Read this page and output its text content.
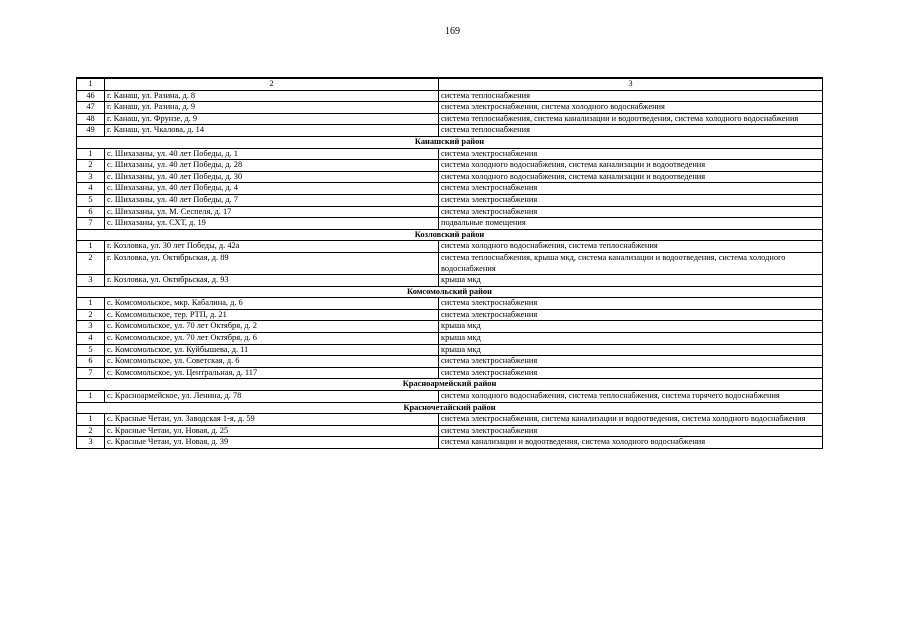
169
1	2	3
46	г. Канаш, ул. Разина, д. 8	система теплоснабжения
47	г. Канаш, ул. Разина, д. 9	система электроснабжения, система холодного водоснабжения
48	г. Канаш, ул. Фрунзе, д. 9	система теплоснабжения, система канализации и водоотведения, система холодного водоснабжения
49	г. Канаш, ул. Чкалова, д. 14	система теплоснабжения
Канашский район		
1	с. Шихазаны, ул. 40 лет Победы, д. 1	система электроснабжения
2	с. Шихазаны, ул. 40 лет Победы, д. 28	система холодного водоснабжения, система канализации и водоотведения
3	с. Шихазаны, ул. 40 лет Победы, д. 30	система холодного водоснабжения, система канализации и водоотведения
4	с. Шихазаны, ул. 40 лет Победы, д. 4	система электроснабжения
5	с. Шихазаны, ул. 40 лет Победы, д. 7	система электроснабжения
6	с. Шихазаны, ул. М. Сеспеля, д. 17	система электроснабжения
7	с. Шихазаны, ул. СХТ, д. 19	подвальные помещения
Козловский район		
1	г. Козловка, ул. 30 лет Победы, д. 42а	система холодного водоснабжения, система теплоснабжения
2	г. Козловка, ул. Октябрьская, д. 89	система теплоснабжения, крыша мкд, система канализации и водоотведения, система холодного водоснабжения
3	г. Козловка, ул. Октябрьская, д. 93	крыша мкд
Комсомольский район		
1	с. Комсомольское, мкр. Кабалина, д. 6	система электроснабжения
2	с. Комсомольское, тер. РТП, д. 21	система электроснабжения
3	с. Комсомольское, ул. 70 лет Октября, д. 2	крыша мкд
4	с. Комсомольское, ул. 70 лет Октября, д. 6	крыша мкд
5	с. Комсомольское, ул. Куйбышева, д. 11	крыша мкд
6	с. Комсомольское, ул. Советская, д. 6	система электроснабжения
7	с. Комсомольское, ул. Центральная, д. 117	система электроснабжения
Красноармейский район		
1	с. Красноармейское, ул. Ленина, д. 78	система холодного водоснабжения, система теплоснабжения, система горячего водоснабжения
Красночетайский район		
1	с. Красные Четаи, ул. Заводская 1-я, д. 59	система электроснабжения, система канализации и водоотведения, система холодного водоснабжения
2	с. Красные Четаи, ул. Новая, д. 25	система электроснабжения
3	с. Красные Четаи, ул. Новая, д. 39	система канализации и водоотведения, система холодного водоснабжения
